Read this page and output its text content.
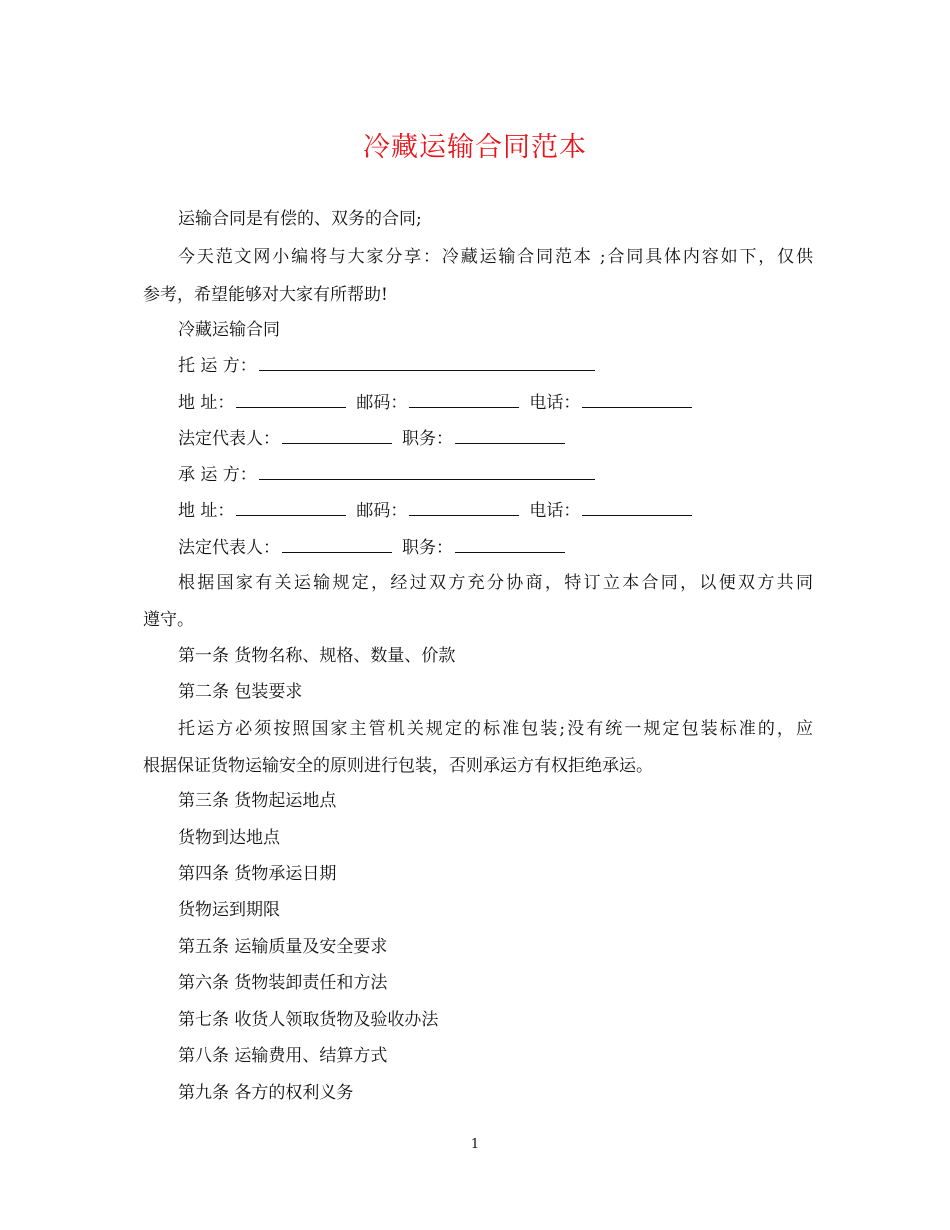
冷藏运输合同范本
运输合同是有偿的、双务的合同;
今天范文网小编将与大家分享：冷藏运输合同范本 ;合同具体内容如下，仅供
参考，希望能够对大家有所帮助!
冷藏运输合同
托 运 方：
地 址：	邮码：	电话：
法定代表人：	职务：
承 运 方：
地 址：	邮码：	电话：
法定代表人：	职务：
根据国家有关运输规定，经过双方充分协商，特订立本合同，以便双方共同
遵守。
第一条 货物名称、规格、数量、价款
第二条 包装要求
托运方必须按照国家主管机关规定的标准包装;没有统一规定包装标准的，应
根据保证货物运输安全的原则进行包装，否则承运方有权拒绝承运。
第三条 货物起运地点
货物到达地点
第四条 货物承运日期
货物运到期限
第五条 运输质量及安全要求
第六条 货物装卸责任和方法
第七条 收货人领取货物及验收办法
第八条 运输费用、结算方式
第九条 各方的权利义务
1
